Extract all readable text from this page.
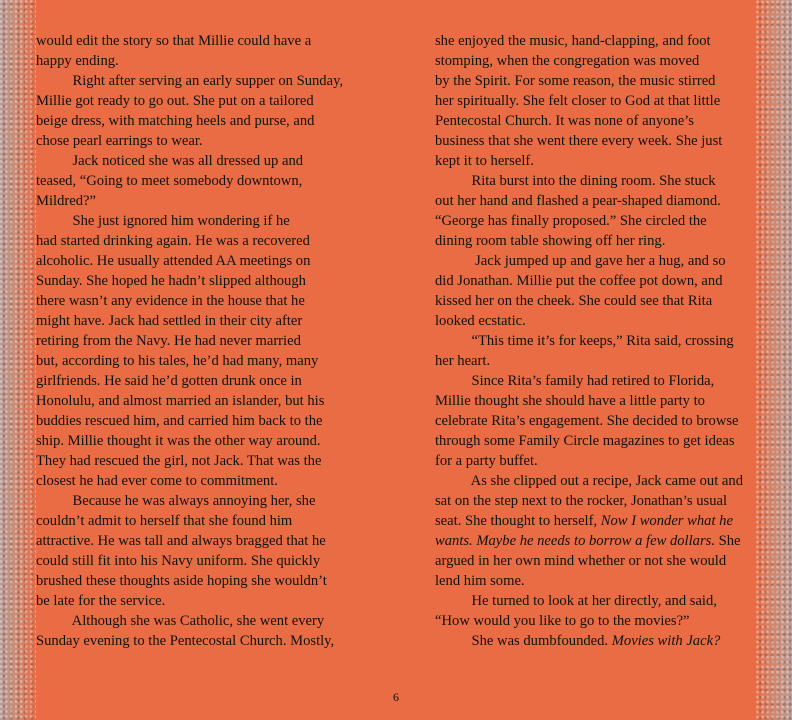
would edit the story so that Millie could have a

happy ending.

Right after serving an early supper on Sunday,

Millie got ready to go out. She put on a tailored

beige dress, with matching heels and purse, and

chose pearl earrings to wear.

Jack noticed she was all dressed up and

teased, “Going to meet somebody downtown,

Mildred?”

She just ignored him wondering if he

had started drinking again. He was a recovered

alcoholic. He usually attended AA meetings on

Sunday. She hoped he hadn’t slipped although

there wasn’t any evidence in the house that he

might have. Jack had settled in their city after

retiring from the Navy. He had never married

but, according to his tales, he’d had many, many

girlfriends. He said he’d gotten drunk once in

Honolulu, and almost married an islander, but his

buddies rescued him, and carried him back to the

ship. Millie thought it was the other way around.

They had rescued the girl, not Jack. That was the

closest he had ever come to commitment.

Because he was always annoying her, she

couldn’t admit to herself that she found him

attractive. He was tall and always bragged that he

could still fit into his Navy uniform. She quickly

brushed these thoughts aside hoping she wouldn’t

be late for the service.

Although she was Catholic, she went every

Sunday evening to the Pentecostal Church. Mostly,

she enjoyed the music, hand-clapping, and foot

stomping, when the congregation was moved

by the Spirit. For some reason, the music stirred

her spiritually. She felt closer to God at that little

Pentecostal Church. It was none of anyone’s

business that she went there every week. She just

kept it to herself.

Rita burst into the dining room. She stuck

out her hand and flashed a pear-shaped diamond.

“George has finally proposed.” She circled the

dining room table showing off her ring.

Jack jumped up and gave her a hug, and so

did Jonathan. Millie put the coffee pot down, and

kissed her on the cheek. She could see that Rita

looked ecstatic.

“This time it’s for keeps,” Rita said, crossing

her heart.

Since Rita’s family had retired to Florida,

Millie thought she should have a little party to

celebrate Rita’s engagement. She decided to browse

through some Family Circle magazines to get ideas

for a party buffet.

As she clipped out a recipe, Jack came out and

sat on the step next to the rocker, Jonathan’s usual

seat. She thought to herself, Now I wonder what he

wants. Maybe he needs to borrow a few dollars. She

argued in her own mind whether or not she would

lend him some.

He turned to look at her directly, and said,

“How would you like to go to the movies?”

She was dumbfounded. Movies with Jack?

6
